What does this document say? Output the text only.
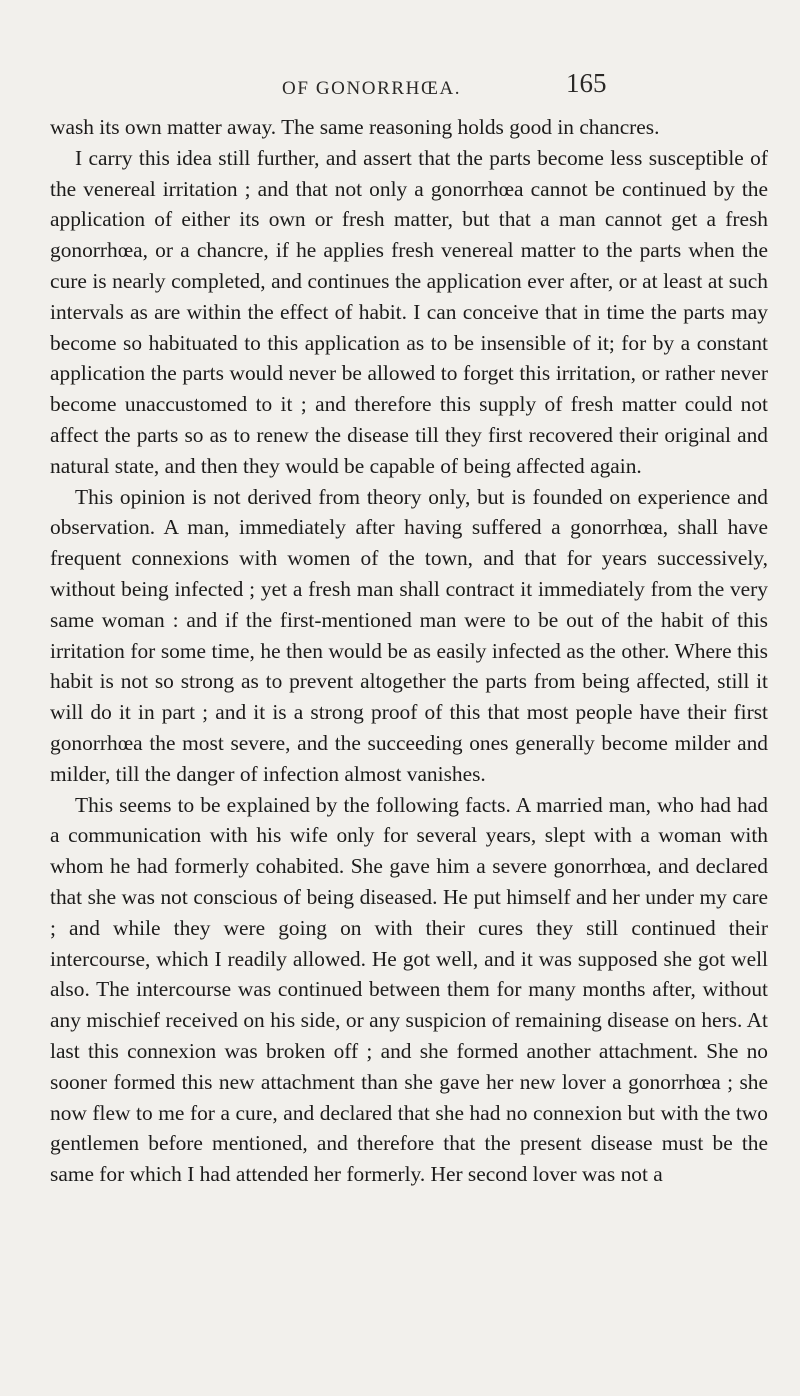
OF GONORRHŒA.	165

wash its own matter away. The same reasoning holds good in chancres.

I carry this idea still further, and assert that the parts become less susceptible of the venereal irritation ; and that not only a gonorrhœa cannot be continued by the application of either its own or fresh matter, but that a man cannot get a fresh gonorrhœa, or a chancre, if he applies fresh venereal matter to the parts when the cure is nearly completed, and continues the application ever after, or at least at such intervals as are within the effect of habit. I can conceive that in time the parts may become so habituated to this application as to be insensible of it; for by a constant application the parts would never be allowed to forget this irritation, or rather never become unaccustomed to it ; and therefore this supply of fresh matter could not affect the parts so as to renew the disease till they first recovered their original and natural state, and then they would be capable of being affected again.

This opinion is not derived from theory only, but is founded on experience and observation. A man, immediately after having suffered a gonorrhœa, shall have frequent connexions with women of the town, and that for years successively, without being infected ; yet a fresh man shall contract it immediately from the very same woman : and if the first-mentioned man were to be out of the habit of this irritation for some time, he then would be as easily infected as the other. Where this habit is not so strong as to prevent altogether the parts from being affected, still it will do it in part ; and it is a strong proof of this that most people have their first gonorrhœa the most severe, and the succeeding ones generally become milder and milder, till the danger of infection almost vanishes.

This seems to be explained by the following facts. A married man, who had had a communication with his wife only for several years, slept with a woman with whom he had formerly cohabited. She gave him a severe gonorrhœa, and declared that she was not conscious of being diseased. He put himself and her under my care ; and while they were going on with their cures they still continued their intercourse, which I readily allowed. He got well, and it was supposed she got well also. The intercourse was continued between them for many months after, without any mischief received on his side, or any suspicion of remaining disease on hers. At last this connexion was broken off ; and she formed another attachment. She no sooner formed this new attachment than she gave her new lover a gonorrhœa ; she now flew to me for a cure, and declared that she had no connexion but with the two gentlemen before mentioned, and therefore that the present disease must be the same for which I had attended her formerly. Her second lover was not a
